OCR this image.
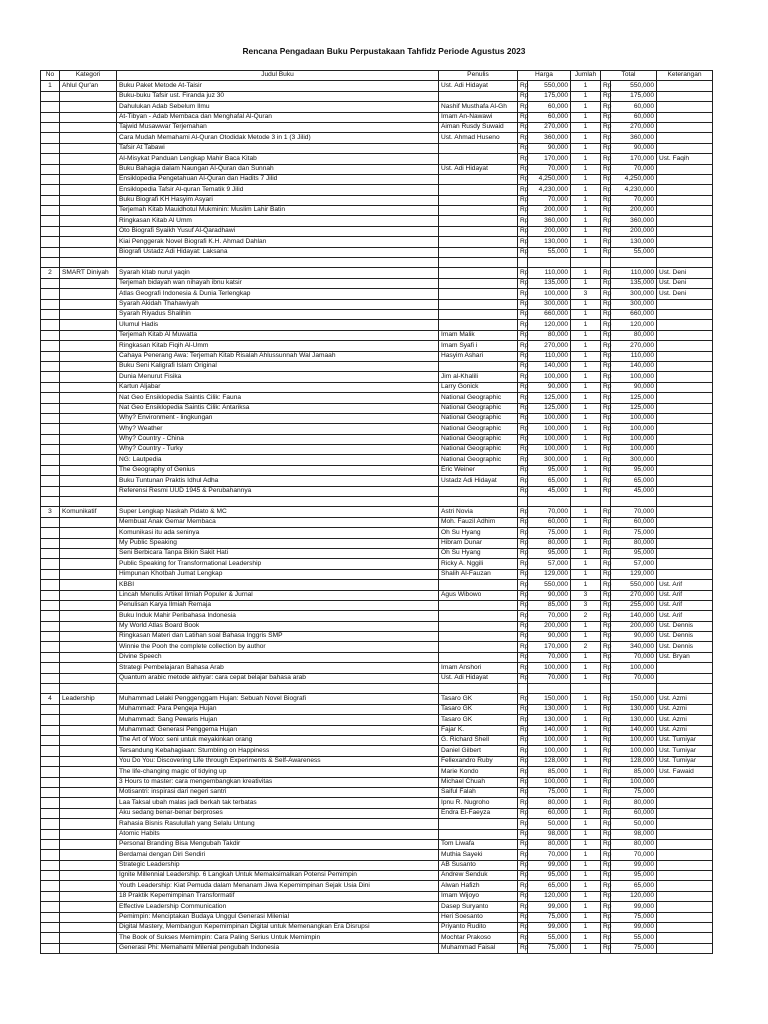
Rencana Pengadaan Buku Perpustakaan Tahfidz Periode Agustus 2023
No	Kategori	Judul Buku	Penulis	Harga		Jumlah	Total		Keterangan
1	Ahlul Qur'an	Buku Paket Metode At-Taisir	Ust. Adi Hidayat	Rp	550,000	1	Rp	550,000	
		Buku-buku Tafsir ust. Firanda juz 30		Rp	175,000	1	Rp	175,000	
		Dahulukan Adab Sebelum Ilmu	Nashif Musthafa Al-Gh	Rp	60,000	1	Rp	60,000	
		At-Tibyan - Adab Membaca dan Menghafal Al-Quran	Imam An-Nawawi	Rp	60,000	1	Rp	60,000	
		Tajwid Musawwar Terjemahan	Aiman Rusdy Suwaid	Rp	270,000	1	Rp	270,000	
		Cara Mudah Memahami Al-Quran Otodidak Metode 3 in 1 (3 Jilid)	Ust. Ahmad Huseno	Rp	360,000	1	Rp	360,000	
		Tafsir At Tabawi		Rp	90,000	1	Rp	90,000	
		Al-Misykat Panduan Lengkap Mahir Baca Kitab		Rp	170,000	1	Rp	170,000	Ust. Faqih
		Buku Bahagia dalam Naungan Al-Quran dan Sunnah	Ust. Adi Hidayat	Rp	70,000	1	Rp	70,000	
		Ensiklopedia Pengetahuan Al-Quran dan Hadits 7 Jilid		Rp	4,250,000	1	Rp	4,250,000	
		Ensiklopedia Tafsir Al-quran Tematik 9 Jilid		Rp	4,230,000	1	Rp	4,230,000	
		Buku Biografi KH Hasyim Asyari		Rp	70,000	1	Rp	70,000	
		Terjemah Kitab Mauidhotul Mukminin: Muslim Lahir Batin		Rp	200,000	1	Rp	200,000	
		Ringkasan Kitab Al Umm		Rp	360,000	1	Rp	360,000	
		Oto Biografi Syaikh Yusuf Al-Qaradhawi		Rp	200,000	1	Rp	200,000	
		Kiai Penggerak Novel Biografi K.H. Ahmad Dahlan		Rp	130,000	1	Rp	130,000	
		Biografi Ustadz Adi Hidayat: Laksana		Rp	55,000	1	Rp	55,000	

2	SMART Diniyah	Syarah kitab nurul yaqin		Rp	110,000	1	Rp	110,000	Ust. Deni
		Terjemah bidayah wan nihayah ibnu katsir		Rp	135,000	1	Rp	135,000	Ust. Deni
		Atlas Geografi Indonesia & Dunia Terlengkap		Rp	100,000	3	Rp	300,000	Ust. Deni
		Syarah Akidah Thahawiyah		Rp	300,000	1	Rp	300,000	
		Syarah Riyadus Shalihin		Rp	660,000	1	Rp	660,000	
		Ulumul Hadis		Rp	120,000	1	Rp	120,000	
		Terjemah Kitab Al Muwatta	Imam Malik	Rp	80,000	1	Rp	80,000	
		Ringkasan Kitab Fiqih Al-Umm	Imam Syafi i	Rp	270,000	1	Rp	270,000	
		Cahaya Penerang Awa: Terjemah Kitab Risalah Ahlussunnah Wal Jamaah	Hasyim Ashari	Rp	110,000	1	Rp	110,000	
		Buku Seni Kaligrafi Islam Original		Rp	140,000	1	Rp	140,000	
		Dunia Menurut Fisika	Jim al-Khalili	Rp	100,000	1	Rp	100,000	
		Kartun Aljabar	Larry Gonick	Rp	90,000	1	Rp	90,000	
		Nat Geo Ensiklopedia Saintis Cilik: Fauna	National Geographic	Rp	125,000	1	Rp	125,000	
		Nat Geo Ensiklopedia Saintis Cilik: Antariksa	National Geographic	Rp	125,000	1	Rp	125,000	
		Why? Environment - lingkungan	National Geographic	Rp	100,000	1	Rp	100,000	
		Why? Weather	National Geographic	Rp	100,000	1	Rp	100,000	
		Why? Country - China	National Geographic	Rp	100,000	1	Rp	100,000	
		Why? Country - Turky	National Geographic	Rp	100,000	1	Rp	100,000	
		NG: Lautpedia	National Geographic	Rp	300,000	1	Rp	300,000	
		The Geography of Genius	Eric Weiner	Rp	95,000	1	Rp	95,000	
		Buku Tuntunan Praktis Idhul Adha	Ustadz Adi Hidayat	Rp	65,000	1	Rp	65,000	
		Referensi Resmi UUD 1945 & Perubahannya		Rp	45,000	1	Rp	45,000	

3	Komunikatif	Super Lengkap Naskah Pidato & MC	Astri Novia	Rp	70,000	1	Rp	70,000	
		Membuat Anak Gemar Membaca	Moh. Fauzil Adhim	Rp	60,000	1	Rp	60,000	
		Komunikasi itu ada seninya	Oh Su Hyang	Rp	75,000	1	Rp	75,000	
		My Public Speaking	Hibram Dunar	Rp	80,000	1	Rp	80,000	
		Seni Berbicara Tanpa Bikin Sakit Hati	Oh Su Hyang	Rp	95,000	1	Rp	95,000	
		Public Speaking for Transformational Leadership	Ricky A. Nggili	Rp	57,000	1	Rp	57,000	
		Himpunan Khotbah Jumat Lengkap	Shalih Al-Fauzan	Rp	129,000	1	Rp	129,000	
		KBBI		Rp	550,000	1	Rp	550,000	Ust. Arif
		Lincah Menulis Artikel Ilmiah Populer & Jurnal	Agus Wibowo	Rp	90,000	3	Rp	270,000	Ust. Arif
		Penulisan Karya Ilmiah Remaja		Rp	85,000	3	Rp	255,000	Ust. Arif
		Buku Induk Mahir Peribahasa Indonesia		Rp	70,000	2	Rp	140,000	Ust. Arif
		My World Atlas Board Book		Rp	200,000	1	Rp	200,000	Ust. Dennis
		Ringkasan Materi dan Latihan soal Bahasa Inggris SMP		Rp	90,000	1	Rp	90,000	Ust. Dennis
		Winnie the Pooh the complete collection by author		Rp	170,000	2	Rp	340,000	Ust. Dennis
		Divine Speech		Rp	70,000	1	Rp	70,000	Ust. Bryan
		Strategi Pembelajaran Bahasa Arab	Imam Anshori	Rp	100,000	1	Rp	100,000	
		Quantum arabic metode akhyar: cara cepat belajar bahasa arab	Ust. Adi Hidayat	Rp	70,000	1	Rp	70,000	

4	Leadership	Muhammad Lelaki Penggenggam Hujan: Sebuah Novel Biografi	Tasaro GK	Rp	150,000	1	Rp	150,000	Ust. Azmi
		Muhammad: Para Pengeja Hujan	Tasaro GK	Rp	130,000	1	Rp	130,000	Ust. Azmi
		Muhammad: Sang Pewaris Hujan	Tasaro GK	Rp	130,000	1	Rp	130,000	Ust. Azmi
		Muhammad: Generasi Penggema Hujan	Fajar K.	Rp	140,000	1	Rp	140,000	Ust. Azmi
		The Art of Woo: seni untuk meyakinkan orang	G. Richard Shell	Rp	100,000	1	Rp	100,000	Ust. Tumiyar
		Tersandung Kebahagiaan: Stumbling on Happiness	Daniel Gilbert	Rp	100,000	1	Rp	100,000	Ust. Tumiyar
		You Do You: Discovering Life through Experiments & Self-Awareness	Fellexandro Ruby	Rp	128,000	1	Rp	128,000	Ust. Tumiyar
		The life-changing magic of tidying up	Marie Kondo	Rp	85,000	1	Rp	85,000	Ust. Fawaid
		3 Hours to master: cara mengembangkan kreativitas	Michael Chuah	Rp	100,000	1	Rp	100,000	
		Motisantri: inspirasi dari negeri santri	Saiful Falah	Rp	75,000	1	Rp	75,000	
		Laa Taksal ubah malas jadi berkah tak terbatas	Ipnu R. Nugroho	Rp	80,000	1	Rp	80,000	
		Aku sedang benar-benar berproses	Endra El-Faeyza	Rp	60,000	1	Rp	60,000	
		Rahasia Bisnis Rasulullah yang Selalu Untung		Rp	50,000	1	Rp	50,000	
		Atomic Habits		Rp	98,000	1	Rp	98,000	
		Personal Branding Bisa Mengubah Takdir	Tom Liwafa	Rp	80,000	1	Rp	80,000	
		Berdamai dengan Diri Sendiri	Muthia Sayeki	Rp	70,000	1	Rp	70,000	
		Strategic Leadership	AB Susanto	Rp	99,000	1	Rp	99,000	
		Ignite Millennial Leadership. 6 Langkah Untuk Memaksimalkan Potensi Pemimpin	Andrew Senduk	Rp	95,000	1	Rp	95,000	
		Youth Leadership: Kiat Pemuda dalam Menanam Jiwa Kepemimpinan Sejak Usia Dini	Alwan Hafizh	Rp	65,000	1	Rp	65,000	
		18 Praktik Kepemimpinan Transformatif	Imam Wijoyo	Rp	120,000	1	Rp	120,000	
		Effective Leadership Communication	Dasep Suryanto	Rp	99,000	1	Rp	99,000	
		Pemimpin: Menciptakan Budaya Unggul Generasi Milenial	Heri Soesanto	Rp	75,000	1	Rp	75,000	
		Digital Mastery, Membangun Kepemimpinan Digital untuk Memenangkan Era Disrupsi	Priyanto Rudito	Rp	99,000	1	Rp	99,000	
		The Book of Sukses Memimpin: Cara Paling Serius Untuk Memimpin	Mochtar Prakoso	Rp	55,000	1	Rp	55,000	
		Generasi Phi: Memahami Milenial pengubah Indonesia	Muhammad Faisal	Rp	75,000	1	Rp	75,000	
